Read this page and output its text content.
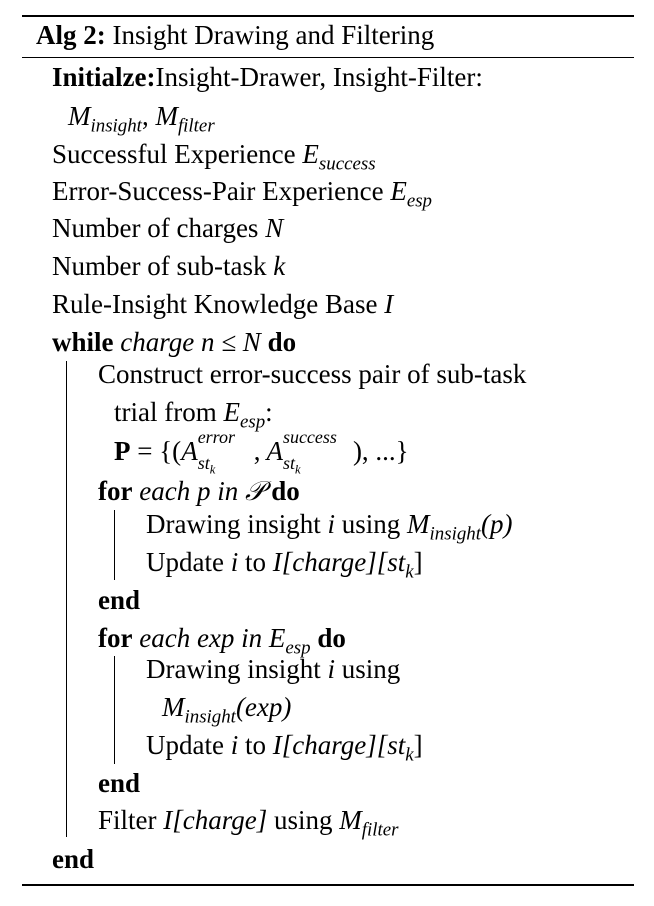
Alg 2: Insight Drawing and Filtering
Initialze:Insight-Drawer, Insight-Filter:
$M_{insight}$, $M_{filter}$
Successful Experience $E_{success}$
Error-Success-Pair Experience $E_{esp}$
Number of charges N
Number of sub-task k
Rule-Insight Knowledge Base I
while charge n ≤ N do
Construct error-success pair of sub-task
trial from $E_{esp}$:
P = {(A error
$st_k$
, A success
$st_k$
), ...}
for each p in 𝒫 do
Drawing insight i using $M_{insight}(p)$
Update i to $I[charge][st_k]$
end
for each exp in $E_{esp}$ do
Drawing insight i using
$M_{insight}(\exp)$
Update i to $I[charge][st_k]$
end
Filter I[charge] using $M_{filter}$
end
